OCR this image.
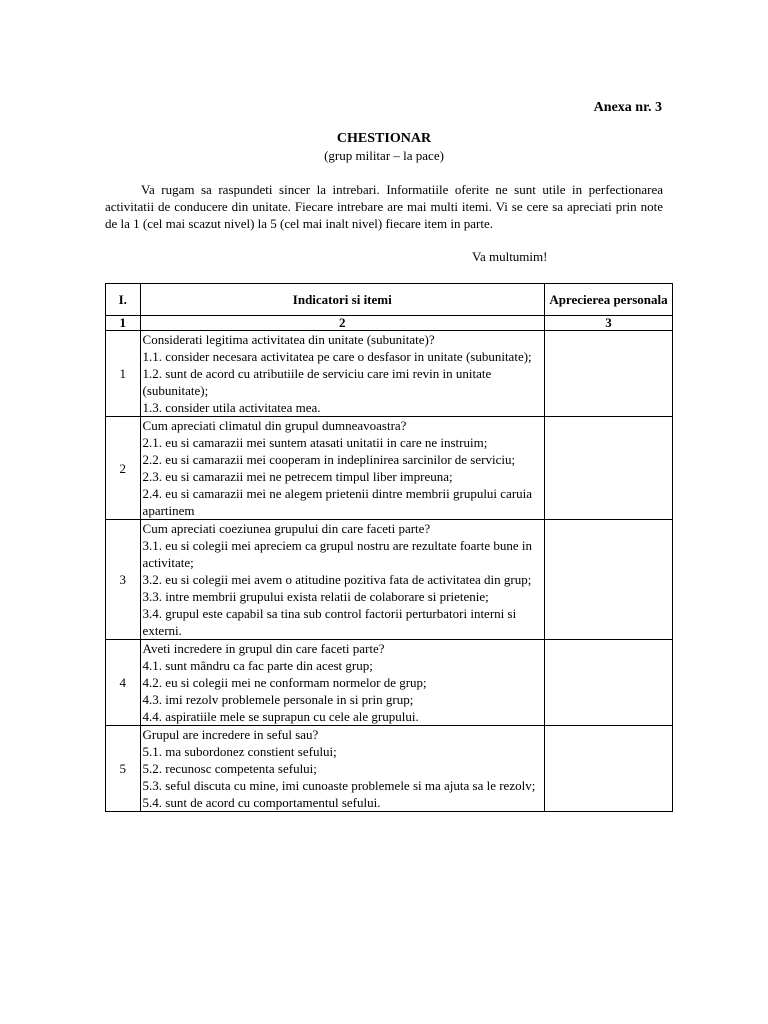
Anexa nr. 3
CHESTIONAR
(grup militar – la pace)

Va rugam sa raspundeti sincer la intrebari. Informatiile oferite ne sunt utile in perfectionarea activitatii de conducere din unitate. Fiecare intrebare are mai multi itemi. Vi se cere sa apreciati prin note de la 1 (cel mai scazut nivel) la 5 (cel mai inalt nivel) fiecare item in parte.

Va multumim!
I.	Indicatori si itemi	Aprecierea personala
1	2	3
1	Considerati legitima activitatea din unitate (subunitate)?
1.1. consider necesara activitatea pe care o desfasor in unitate (subunitate);
1.2. sunt de acord cu atributiile de serviciu care imi revin in unitate (subunitate);
1.3. consider utila activitatea mea.	

2	Cum apreciati climatul din grupul dumneavoastra?
2.1. eu si camarazii mei suntem atasati unitatii in care ne instruim;
2.2. eu si camarazii mei cooperam in indeplinirea sarcinilor de serviciu;
2.3. eu si camarazii mei ne petrecem timpul liber impreuna;
2.4. eu si camarazii mei ne alegem prietenii dintre membrii grupului caruia apartinem	

3	Cum apreciati coeziunea grupului din care faceti parte?
3.1. eu si colegii mei apreciem ca grupul nostru are rezultate foarte bune in activitate;
3.2. eu si colegii mei avem o atitudine pozitiva fata de activitatea din grup;
3.3. intre membrii grupului exista relatii de colaborare si prietenie;
3.4. grupul este capabil sa tina sub control factorii perturbatori interni si externi.	

4	Aveti incredere in grupul din care faceti parte?
4.1. sunt mândru ca fac parte din acest grup;
4.2. eu si colegii mei ne conformam normelor de grup;
4.3. imi rezolv problemele personale in si prin grup;
4.4. aspiratiile mele se suprapun cu cele ale grupului.	

5	Grupul are incredere in seful sau?
5.1. ma subordonez constient sefului;
5.2. recunosc competenta sefului;
5.3. seful discuta cu mine, imi cunoaste problemele si ma ajuta sa le rezolv;
5.4. sunt de acord cu comportamentul sefului.	
